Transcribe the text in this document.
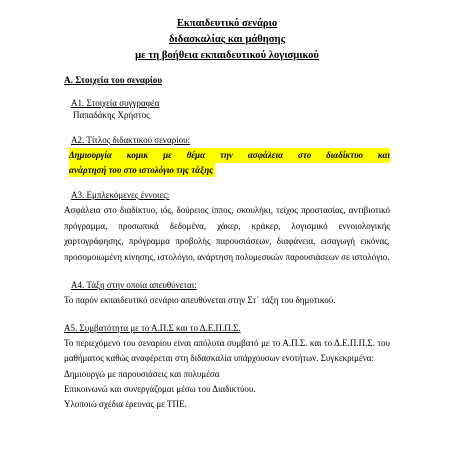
Εκπαιδευτικό σενάριο
διδασκαλίας και μάθησης
με τη βοήθεια εκπαιδευτικού λογισμικού
Α. Στοιχεία του σεναρίου
Α1. Στοιχεία συγγραφέα
Παπαδάκης Χρήστος
Α2. Τίτλος διδακτικού σεναρίου:
Δημιουργία κομικ με θέμα την ασφάλεια στο διαδίκτυο και
ανάρτησή του στο ιστολόγιο της τάξης
Α3. Εμπλεκόμενες έννοιες:
Ασφάλεια στο διαδίκτυο, ιός, δούρειος ίππος, σκουλήκι, τείχος προστασίας, αντιβιοτικό πρόγραμμα, προσωπικά δεδομένα, χάκερ, κράκερ, λογισμικό εννοιολογικής χαρτογράφησης, πρόγραμμα προβολής παρουσιάσεων, διαφάνεια, εισαγωγή εικόνας, προσομοιωμένη κίνησης, ιστολόγιο, ανάρτηση πολυμεσικών παρουσιάσεων σε ιστολόγιο.
Α4. Τάξη στην οποία απευθύνεται:
Το παρόν εκπαιδευτικό σενάριο απευθύνεται στην Στ΄ τάξη του δημοτικού.
Α5. Συμβατότητα με το Α.Π.Σ και το Δ.Ε.Π.Π.Σ.
Το περιεχόμενο του σεναρίου είναι απόλυτα συμβατό με το Α.Π.Σ. και το Δ.Ε.Π.Π.Σ. του μαθήματος καθώς αναφέρεται στη διδασκαλία υπάρχουσων ενοτήτων. Συγκεκριμένα:
Δημιουργώ με παρουσιάσεις και πολυμέσα
Επικοινωνώ και συνεργάζομαι μέσω του Διαδικτύου.
Υλοποιώ σχέδια έρευνας με ΤΠΕ.
